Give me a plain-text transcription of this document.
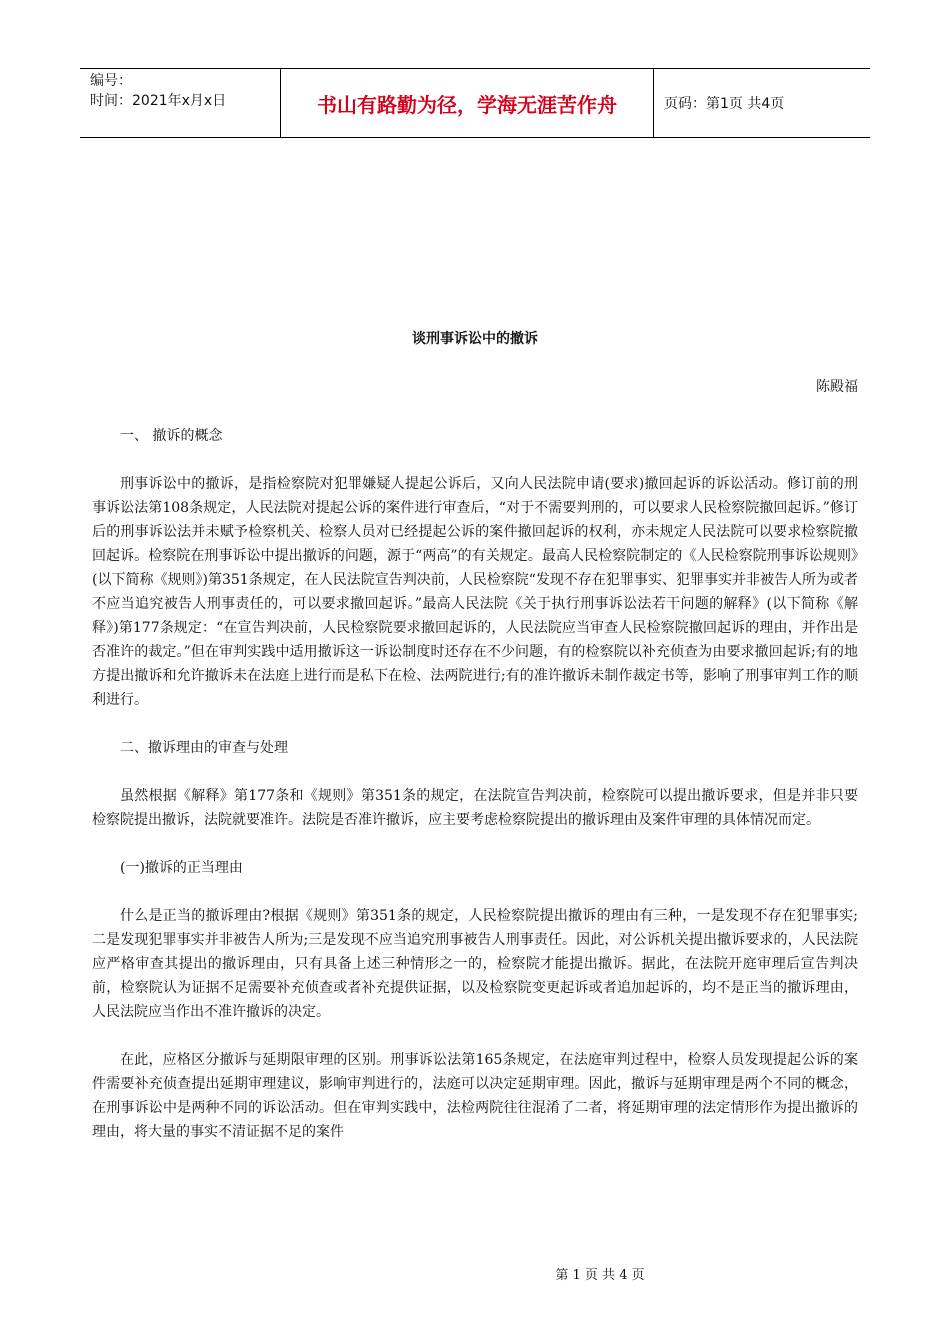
编号：
时间：2021年x月x日	书山有路勤为径，学海无涯苦作舟	页码：第1页 共4页
谈刑事诉讼中的撤诉
陈殿福

一、 撤诉的概念

刑事诉讼中的撤诉，是指检察院对犯罪嫌疑人提起公诉后，又向人民法院申请(要求)撤回起诉的诉讼活动。修订前的刑事诉讼法第108条规定，人民法院对提起公诉的案件进行审查后，“对于不需要判刑的，可以要求人民检察院撤回起诉。”修订后的刑事诉讼法并未赋予检察机关、检察人员对已经提起公诉的案件撤回起诉的权利，亦未规定人民法院可以要求检察院撤回起诉。检察院在刑事诉讼中提出撤诉的问题，源于“两高”的有关规定。最高人民检察院制定的《人民检察院刑事诉讼规则》(以下简称《规则》)第351条规定，在人民法院宣告判决前，人民检察院“发现不存在犯罪事实、犯罪事实并非被告人所为或者不应当追究被告人刑事责任的，可以要求撤回起诉。”最高人民法院《关于执行刑事诉讼法若干问题的解释》(以下简称《解释》)第177条规定：“在宣告判决前，人民检察院要求撤回起诉的，人民法院应当审查人民检察院撤回起诉的理由，并作出是否准许的裁定。”但在审判实践中适用撤诉这一诉讼制度时还存在不少问题，有的检察院以补充侦查为由要求撤回起诉;有的地方提出撤诉和允许撤诉未在法庭上进行而是私下在检、法两院进行;有的准许撤诉未制作裁定书等，影响了刑事审判工作的顺利进行。

二、撤诉理由的审查与处理

虽然根据《解释》第177条和《规则》第351条的规定，在法院宣告判决前，检察院可以提出撤诉要求，但是并非只要检察院提出撤诉，法院就要准许。法院是否准许撤诉，应主要考虑检察院提出的撤诉理由及案件审理的具体情况而定。

(一)撤诉的正当理由

什么是正当的撤诉理由?根据《规则》第351条的规定，人民检察院提出撤诉的理由有三种，一是发现不存在犯罪事实;二是发现犯罪事实并非被告人所为;三是发现不应当追究刑事被告人刑事责任。因此，对公诉机关提出撤诉要求的，人民法院应严格审查其提出的撤诉理由，只有具备上述三种情形之一的，检察院才能提出撤诉。据此，在法院开庭审理后宣告判决前，检察院认为证据不足需要补充侦查或者补充提供证据，以及检察院变更起诉或者追加起诉的，均不是正当的撤诉理由，人民法院应当作出不准许撤诉的决定。

在此，应格区分撤诉与延期限审理的区别。刑事诉讼法第165条规定，在法庭审判过程中，检察人员发现提起公诉的案件需要补充侦查提出延期审理建议，影响审判进行的，法庭可以决定延期审理。因此，撤诉与延期审理是两个不同的概念，在刑事诉讼中是两种不同的诉讼活动。但在审判实践中，法检两院往往混淆了二者，将延期审理的法定情形作为提出撤诉的理由，将大量的事实不清证据不足的案件

第 1 页 共 4 页
